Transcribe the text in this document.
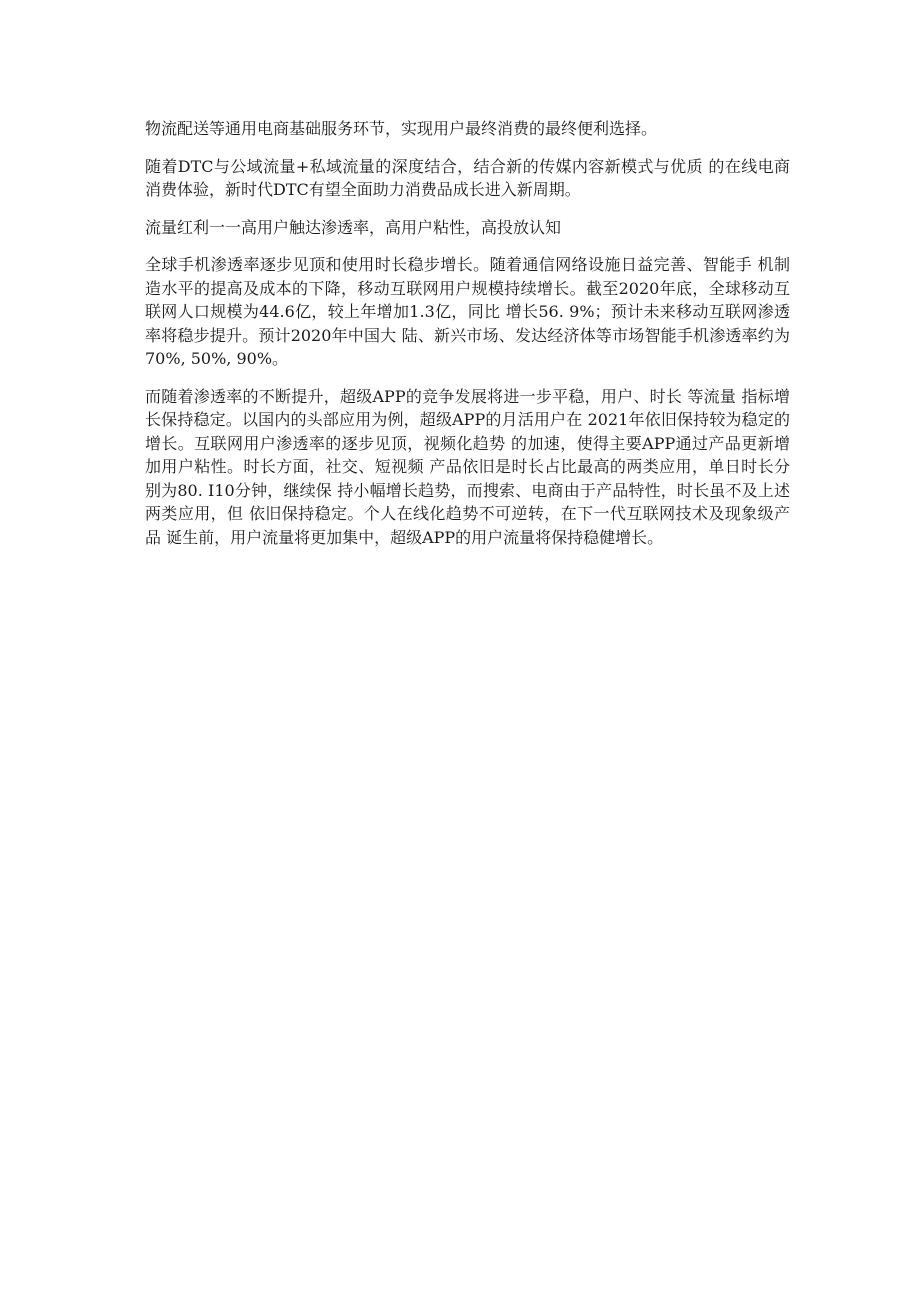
物流配送等通用电商基础服务环节，实现用户最终消费的最终便利选择。

随着DTC与公域流量+私域流量的深度结合，结合新的传媒内容新模式与优质 的在线电商消费体验，新时代DTC有望全面助力消费品成长进入新周期。

流量红利一一高用户触达渗透率，高用户粘性，高投放认知

全球手机渗透率逐步见顶和使用时长稳步增长。随着通信网络设施日益完善、智能手 机制造水平的提高及成本的下降，移动互联网用户规模持续增长。截至2020年底，全球移动互联网人口规模为44.6亿，较上年增加1.3亿，同比 增长56. 9%；预计未来移动互联网渗透率将稳步提升。预计2020年中国大 陆、新兴市场、发达经济体等市场智能手机渗透率约为70%, 50%, 90%。

而随着渗透率的不断提升，超级APP的竞争发展将进一步平稳，用户、时长 等流量 指标增长保持稳定。以国内的头部应用为例，超级APP的月活用户在 2021年依旧保持较为稳定的增长。互联网用户渗透率的逐步见顶，视频化趋势 的加速，使得主要APP通过产品更新增加用户粘性。时长方面，社交、短视频 产品依旧是时长占比最高的两类应用，单日时长分别为80. I10分钟，继续保 持小幅增长趋势，而搜索、电商由于产品特性，时长虽不及上述两类应用，但 依旧保持稳定。个人在线化趋势不可逆转，在下一代互联网技术及现象级产品 诞生前，用户流量将更加集中，超级APP的用户流量将保持稳健增长。
